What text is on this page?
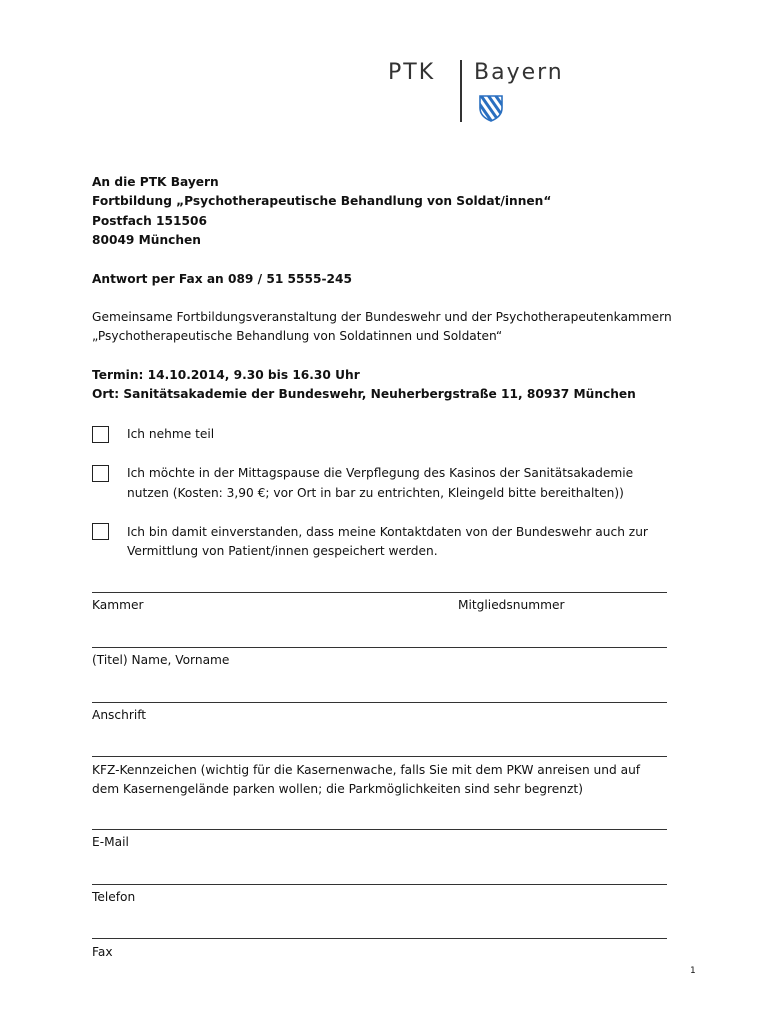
PTK Bayern
An die PTK Bayern
Fortbildung „Psychotherapeutische Behandlung von Soldat/innen“
Postfach 151506
80049 München
Antwort per Fax an 089 / 51 5555-245
Gemeinsame Fortbildungsveranstaltung der Bundeswehr und der Psychotherapeutenkammern
„Psychotherapeutische Behandlung von Soldatinnen und Soldaten“
Termin: 14.10.2014, 9.30 bis 16.30 Uhr
Ort: Sanitätsakademie der Bundeswehr, Neuherbergstraße 11, 80937 München
Ich nehme teil
Ich möchte in der Mittagspause die Verpflegung des Kasinos der Sanitätsakademie
nutzen (Kosten: 3,90 €; vor Ort in bar zu entrichten, Kleingeld bitte bereithalten))
Ich bin damit einverstanden, dass meine Kontaktdaten von der Bundeswehr auch zur
Vermittlung von Patient/innen gespeichert werden.
Kammer	Mitgliedsnummer
(Titel) Name, Vorname
Anschrift
KFZ-Kennzeichen (wichtig für die Kasernenwache, falls Sie mit dem PKW anreisen und auf
dem Kasernengelände parken wollen; die Parkmöglichkeiten sind sehr begrenzt)
E-Mail
Telefon
Fax
1
